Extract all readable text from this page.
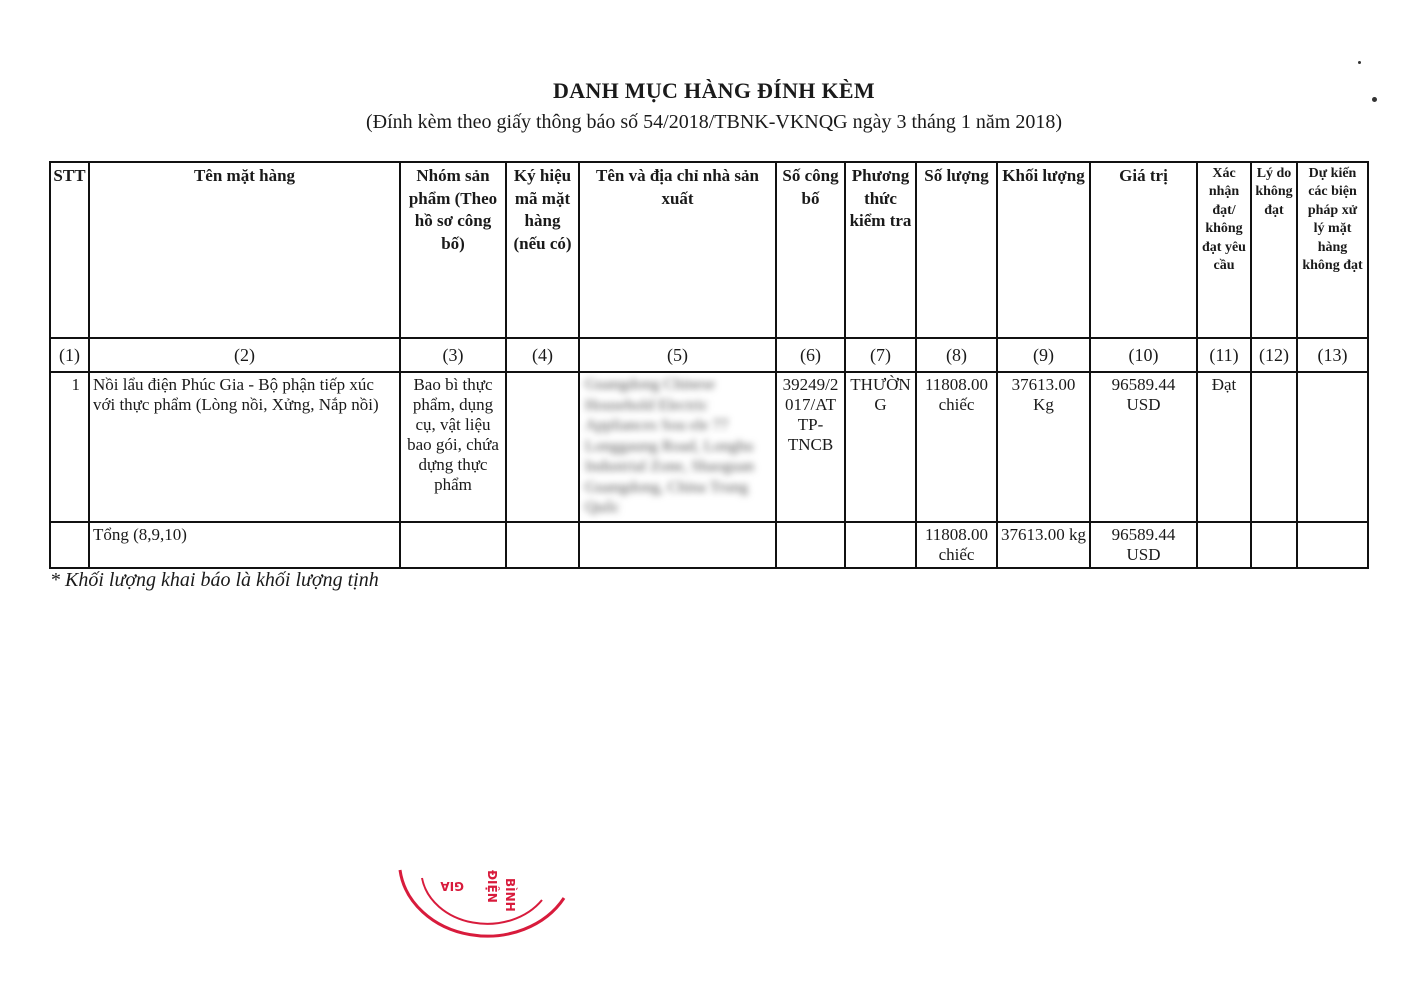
DANH MỤC HÀNG ĐÍNH KÈM
(Đính kèm theo giấy thông báo số 54/2018/TBNK-VKNQG ngày 3 tháng 1 năm 2018)
STT	Tên mặt hàng	Nhóm sản phẩm (Theo hồ sơ công bố)	Ký hiệu mã mặt hàng (nếu có)	Tên và địa chỉ nhà sản xuất	Số công bố	Phương thức kiểm tra	Số lượng	Khối lượng	Giá trị	Xác nhận đạt/ không đạt yêu cầu	Lý do không đạt	Dự kiến các biện pháp xử lý mặt hàng không đạt
(1)	(2)	(3)	(4)	(5)	(6)	(7)	(8)	(9)	(10)	(11)	(12)	(13)
1	Nồi lẩu điện Phúc Gia - Bộ phận tiếp xúc với thực phẩm (Lòng nồi, Xửng, Nắp nồi)	Bao bì thực phẩm, dụng cụ, vật liệu bao gói, chứa dựng thực phẩm		Guangdong Chinese Household Electric Appliances Sou ele 77 Longgaung Road, Longhu Industrial Zone, Shaoguan Guangdong, China Trung Quốc	39249/2017/ATTP-TNCB	THƯỜNG	11808.00 chiếc	37613.00 Kg	96589.44 USD	Đạt		
	Tổng (8,9,10)						11808.00 chiếc	37613.00 kg	96589.44 USD			
* Khối lượng khai báo là khối lượng tịnh
GIA ĐIỆN BÌNH
